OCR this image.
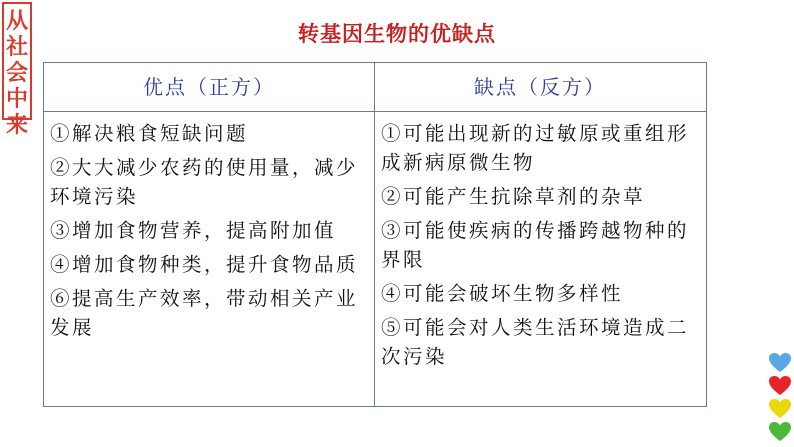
从
社
会
中
来
转基因生物的优缺点
优点（正方）	缺点（反方）
①解决粮食短缺问题
②大大减少农药的使用量，减少环境污染
③增加食物营养，提高附加值
④增加食物种类，提升食物品质
⑥提高生产效率，带动相关产业发展
①可能出现新的过敏原或重组形成新病原微生物
②可能产生抗除草剂的杂草
③可能使疾病的传播跨越物种的界限
④可能会破坏生物多样性
⑤可能会对人类生活环境造成二次污染
